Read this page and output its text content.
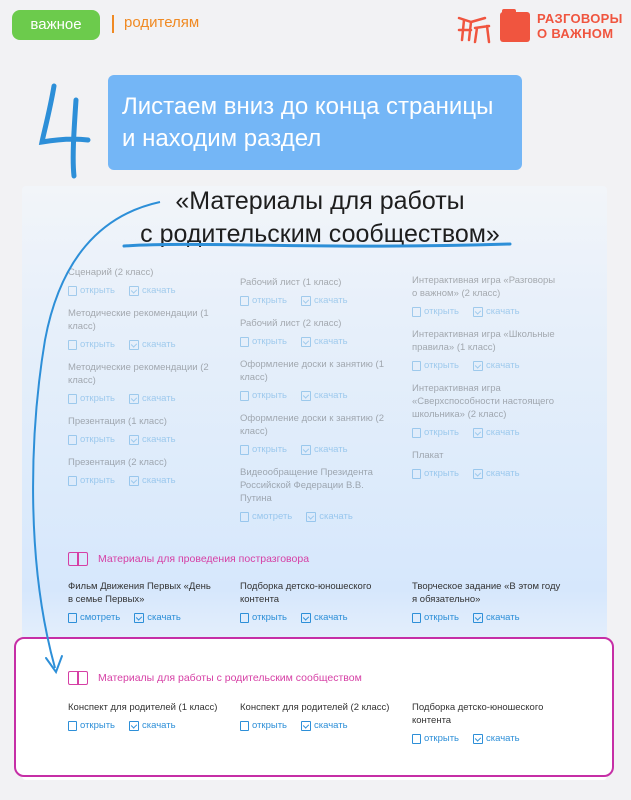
важное	родителям	РАЗГОВОРЫ
О ВАЖНОМ
Сценарий (2 класс)
открыть	скачать
Методические рекомендации (1 класс)
открыть	скачать
Методические рекомендации (2 класс)
открыть	скачать
Презентация (1 класс)
открыть	скачать
Презентация (2 класс)
открыть	скачать
Рабочий лист (1 класс)
открыть	скачать
Рабочий лист (2 класс)
открыть	скачать
Оформление доски к занятию (1 класс)
открыть	скачать
Оформление доски к занятию (2 класс)
открыть	скачать
Видеообращение Президента Российской Федерации В.В. Путина
смотреть	скачать
Интерактивная игра «Разговоры о важном» (2 класс)
открыть	скачать
Интерактивная игра «Школьные правила» (1 класс)
открыть	скачать
Интерактивная игра «Сверхспособности настоящего школьника» (2 класс)
открыть	скачать
Плакат
открыть	скачать
Материалы для проведения постразговора
Фильм Движения Первых «День в семье Первых»
смотреть	скачать
Подборка детско-юношеского контента
открыть	скачать
Творческое задание «В этом году я обязательно»
открыть	скачать
Материалы для работы с родительским сообществом
Конспект для родителей (1 класс)
открыть	скачать
Конспект для родителей (2 класс)
открыть	скачать
Подборка детско-юношеского контента
открыть	скачать
Листаем вниз до конца страницы и находим раздел
«Материалы для работы
с родительским сообществом»
